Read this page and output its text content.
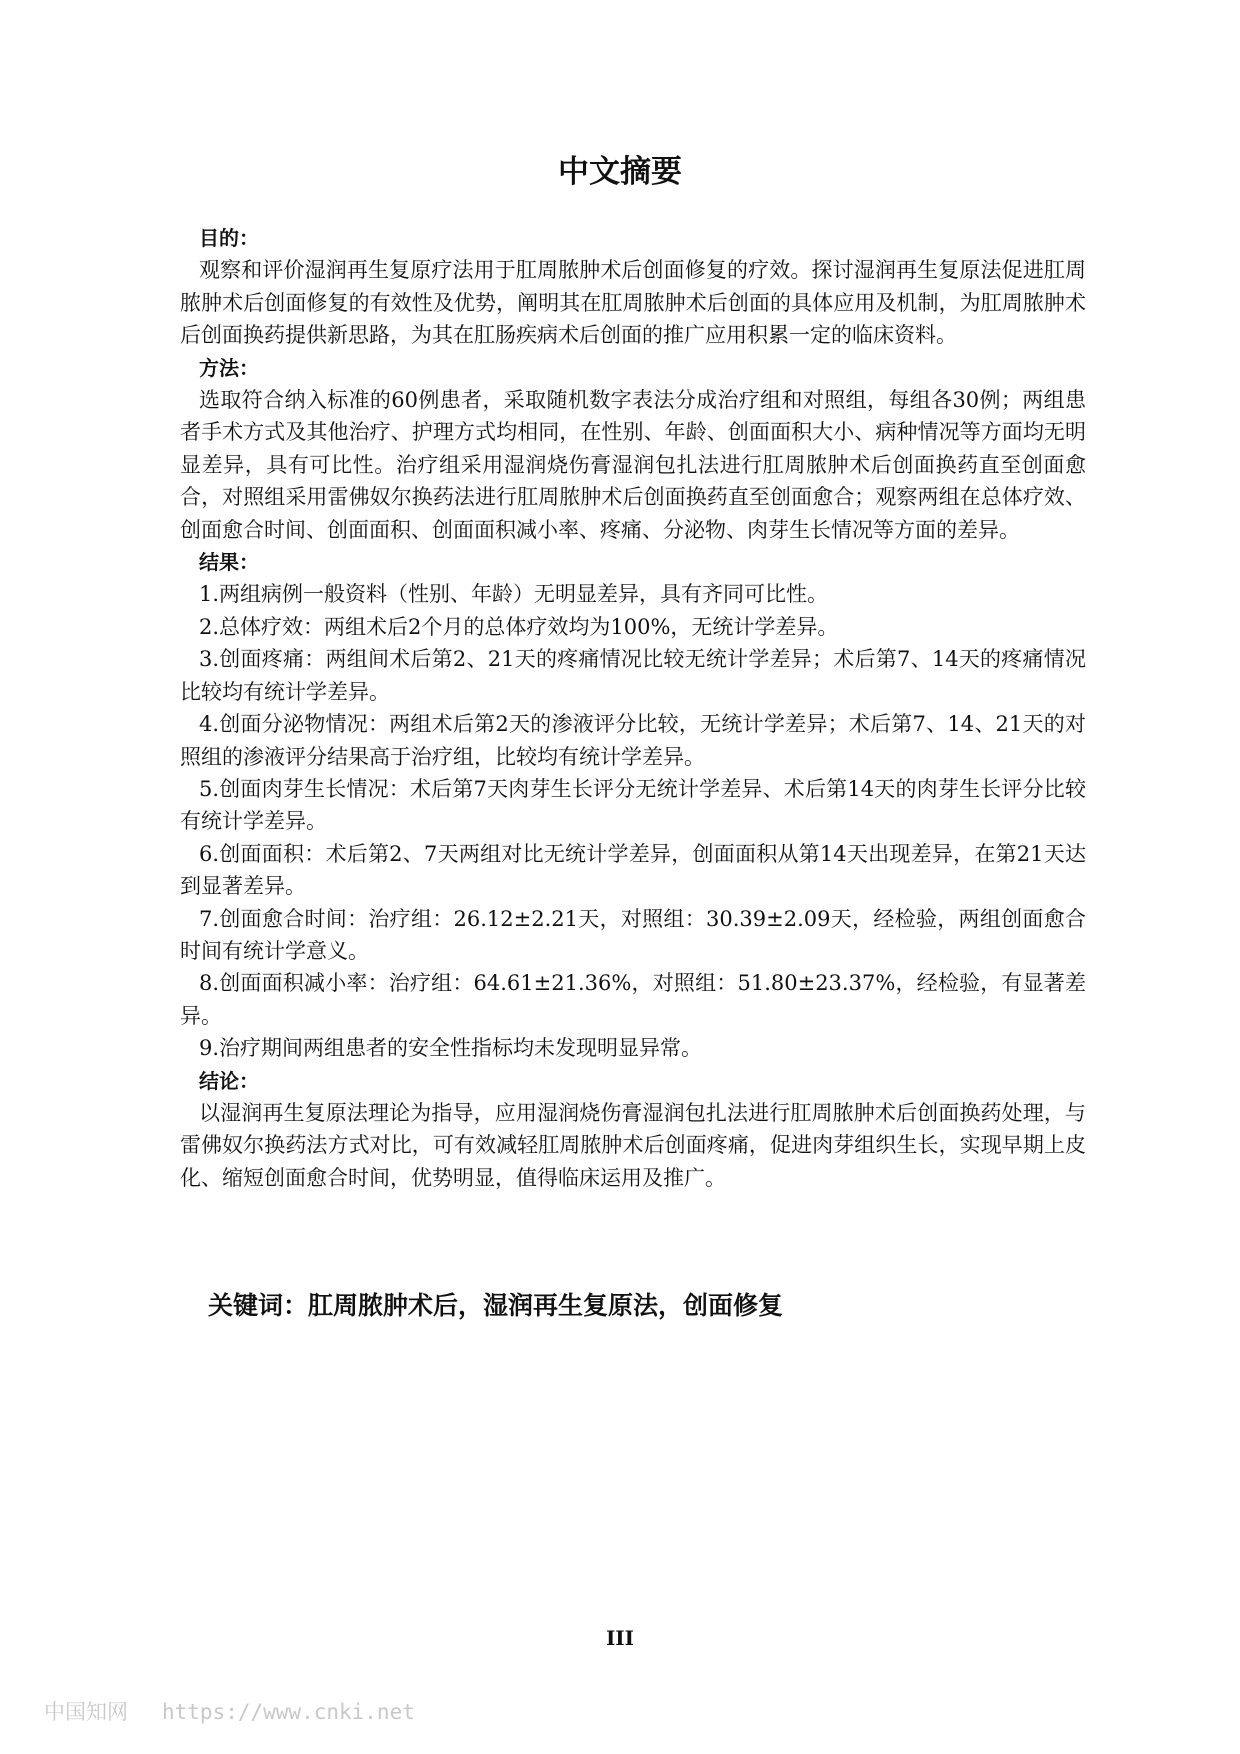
中文摘要

目的：

观察和评价湿润再生复原疗法用于肛周脓肿术后创面修复的疗效。探讨湿润再生复原法促进肛周脓肿术后创面修复的有效性及优势，阐明其在肛周脓肿术后创面的具体应用及机制，为肛周脓肿术后创面换药提供新思路，为其在肛肠疾病术后创面的推广应用积累一定的临床资料。

方法：

选取符合纳入标准的60例患者，采取随机数字表法分成治疗组和对照组，每组各30例；两组患者手术方式及其他治疗、护理方式均相同，在性别、年龄、创面面积大小、病种情况等方面均无明显差异，具有可比性。治疗组采用湿润烧伤膏湿润包扎法进行肛周脓肿术后创面换药直至创面愈合，对照组采用雷佛奴尔换药法进行肛周脓肿术后创面换药直至创面愈合；观察两组在总体疗效、创面愈合时间、创面面积、创面面积减小率、疼痛、分泌物、肉芽生长情况等方面的差异。

结果：

1.两组病例一般资料（性别、年龄）无明显差异，具有齐同可比性。

2.总体疗效：两组术后2个月的总体疗效均为100%，无统计学差异。

3.创面疼痛：两组间术后第2、21天的疼痛情况比较无统计学差异；术后第7、14天的疼痛情况比较均有统计学差异。

4.创面分泌物情况：两组术后第2天的渗液评分比较，无统计学差异；术后第7、14、21天的对照组的渗液评分结果高于治疗组，比较均有统计学差异。

5.创面肉芽生长情况：术后第7天肉芽生长评分无统计学差异、术后第14天的肉芽生长评分比较有统计学差异。

6.创面面积：术后第2、7天两组对比无统计学差异，创面面积从第14天出现差异，在第21天达到显著差异。

7.创面愈合时间：治疗组：26.12±2.21天，对照组：30.39±2.09天，经检验，两组创面愈合时间有统计学意义。

8.创面面积减小率：治疗组：64.61±21.36%，对照组：51.80±23.37%，经检验，有显著差异。

9.治疗期间两组患者的安全性指标均未发现明显异常。

结论：

以湿润再生复原法理论为指导，应用湿润烧伤膏湿润包扎法进行肛周脓肿术后创面换药处理，与雷佛奴尔换药法方式对比，可有效减轻肛周脓肿术后创面疼痛，促进肉芽组织生长，实现早期上皮化、缩短创面愈合时间，优势明显，值得临床运用及推广。

关键词：肛周脓肿术后，湿润再生复原法，创面修复

III

中国知网 https://www.cnki.net
